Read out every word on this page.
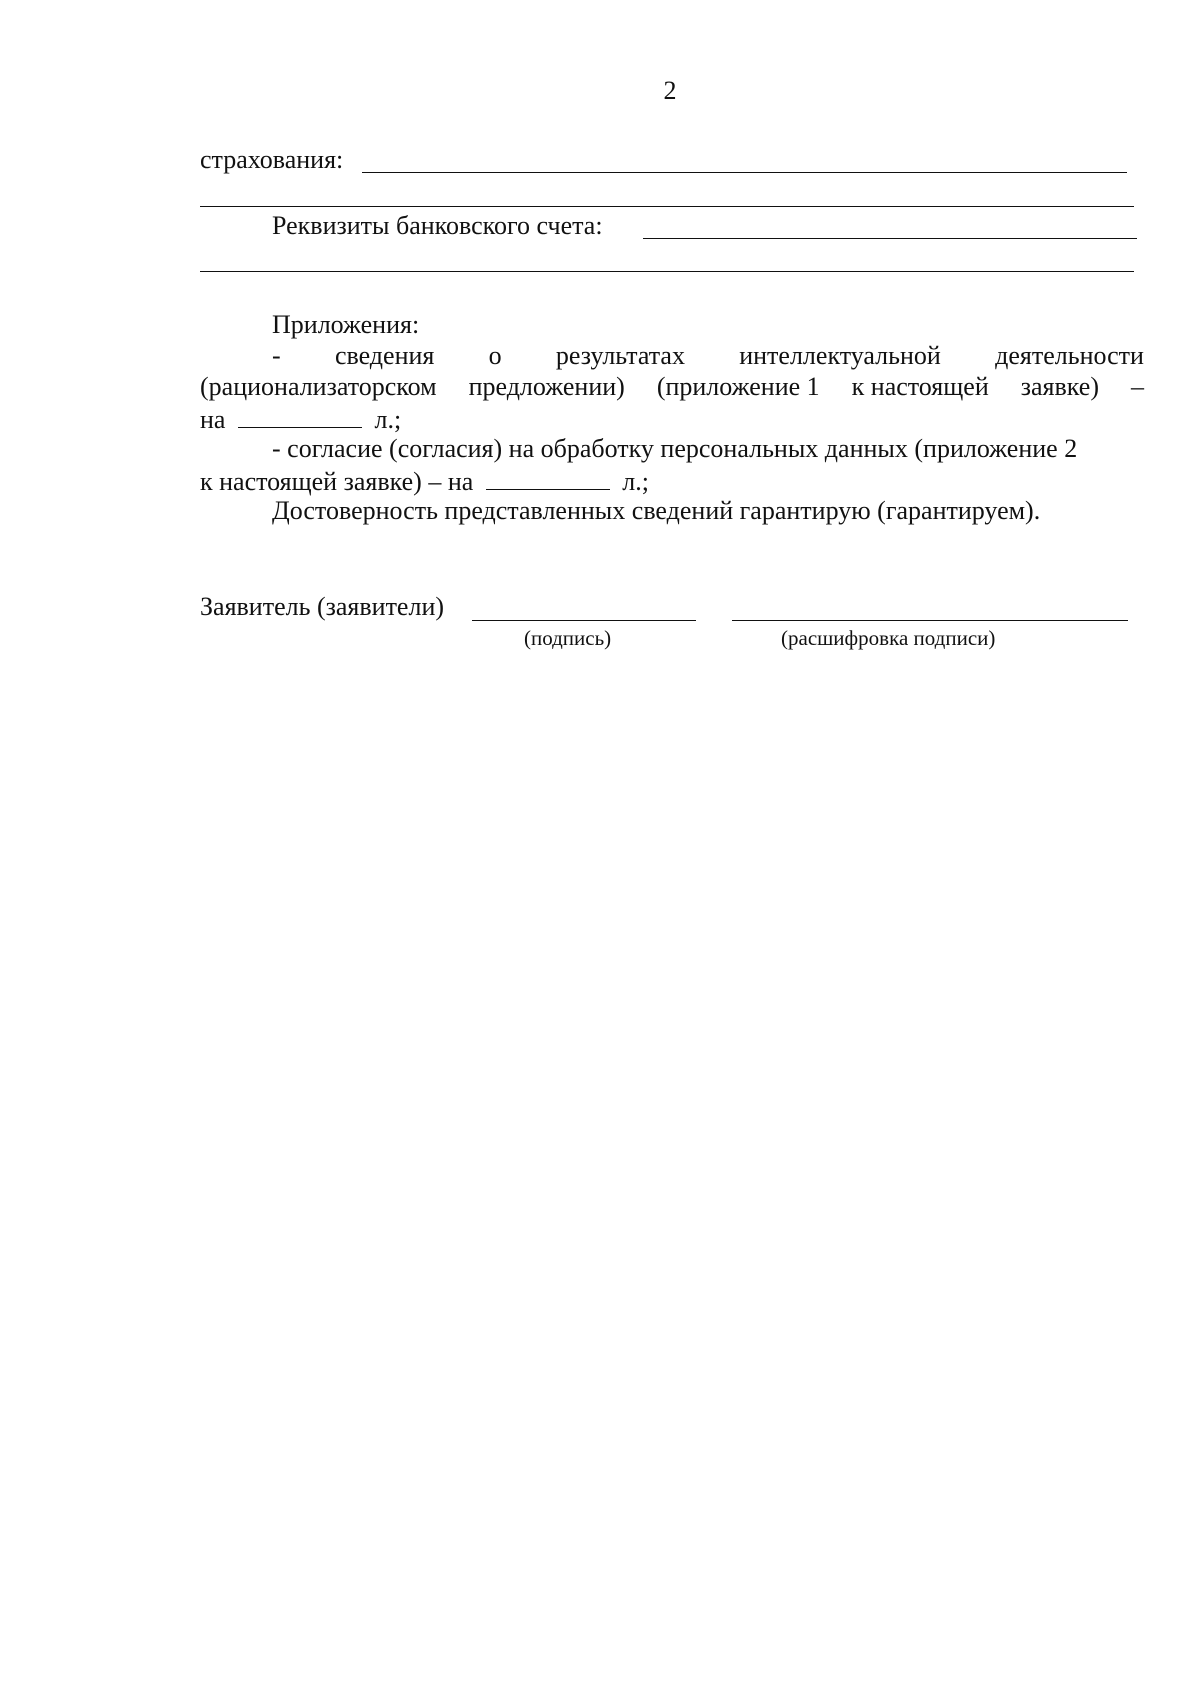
2
страхования:
Реквизиты банковского счета:
Приложения:
- сведения о результатах интеллектуальной деятельности
(рационализаторском предложении) (приложение 1 к настоящей заявке) –
на	л.;
- согласие (согласия) на обработку персональных данных (приложение 2
к настоящей заявке) – на	л.;
Достоверность представленных сведений гарантирую (гарантируем).
Заявитель (заявители)
(подпись)	(расшифровка подписи)
